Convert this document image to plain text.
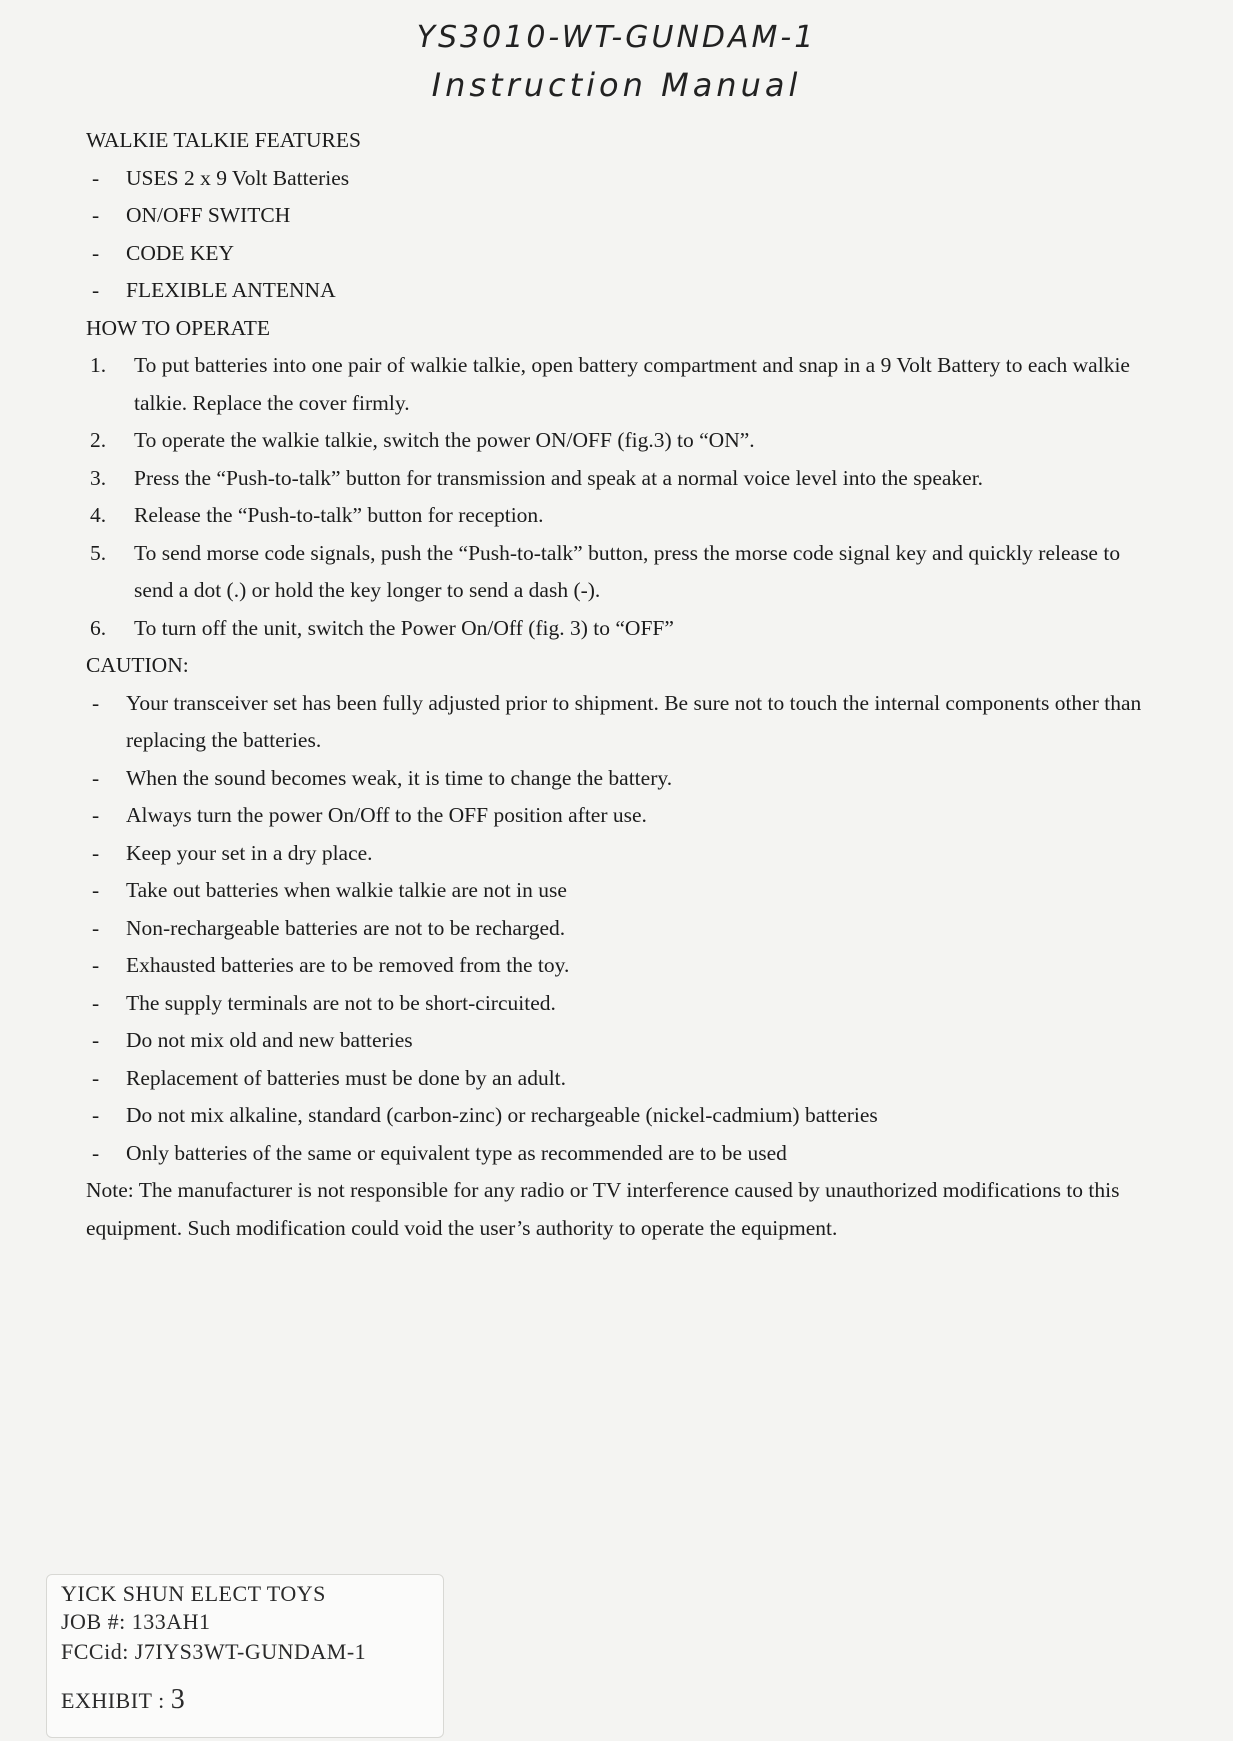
YS3010-WT-GUNDAM-1
Instruction Manual
WALKIE TALKIE FEATURES
- USES 2 x 9 Volt Batteries
- ON/OFF SWITCH
- CODE KEY
- FLEXIBLE ANTENNA
HOW TO OPERATE
1. To put batteries into one pair of walkie talkie, open battery compartment and snap in a 9 Volt Battery to each walkie talkie. Replace the cover firmly.
2. To operate the walkie talkie, switch the power ON/OFF (fig.3) to “ON”.
3. Press the “Push-to-talk” button for transmission and speak at a normal voice level into the speaker.
4. Release the “Push-to-talk” button for reception.
5. To send morse code signals, push the “Push-to-talk” button, press the morse code signal key and quickly release to send a dot (.) or hold the key longer to send a dash (-).
6. To turn off the unit, switch the Power On/Off (fig. 3) to “OFF”
CAUTION:
- Your transceiver set has been fully adjusted prior to shipment. Be sure not to touch the internal components other than replacing the batteries.
- When the sound becomes weak, it is time to change the battery.
- Always turn the power On/Off to the OFF position after use.
- Keep your set in a dry place.
- Take out batteries when walkie talkie are not in use
- Non-rechargeable batteries are not to be recharged.
- Exhausted batteries are to be removed from the toy.
- The supply terminals are not to be short-circuited.
- Do not mix old and new batteries
- Replacement of batteries must be done by an adult.
- Do not mix alkaline, standard (carbon-zinc) or rechargeable (nickel-cadmium) batteries
- Only batteries of the same or equivalent type as recommended are to be used
Note: The manufacturer is not responsible for any radio or TV interference caused by unauthorized modifications to this equipment. Such modification could void the user’s authority to operate the equipment.
YICK SHUN ELECT TOYS
JOB #: 133AH1
FCCid: J7IYS3WT-GUNDAM-1
EXHIBIT : 3
